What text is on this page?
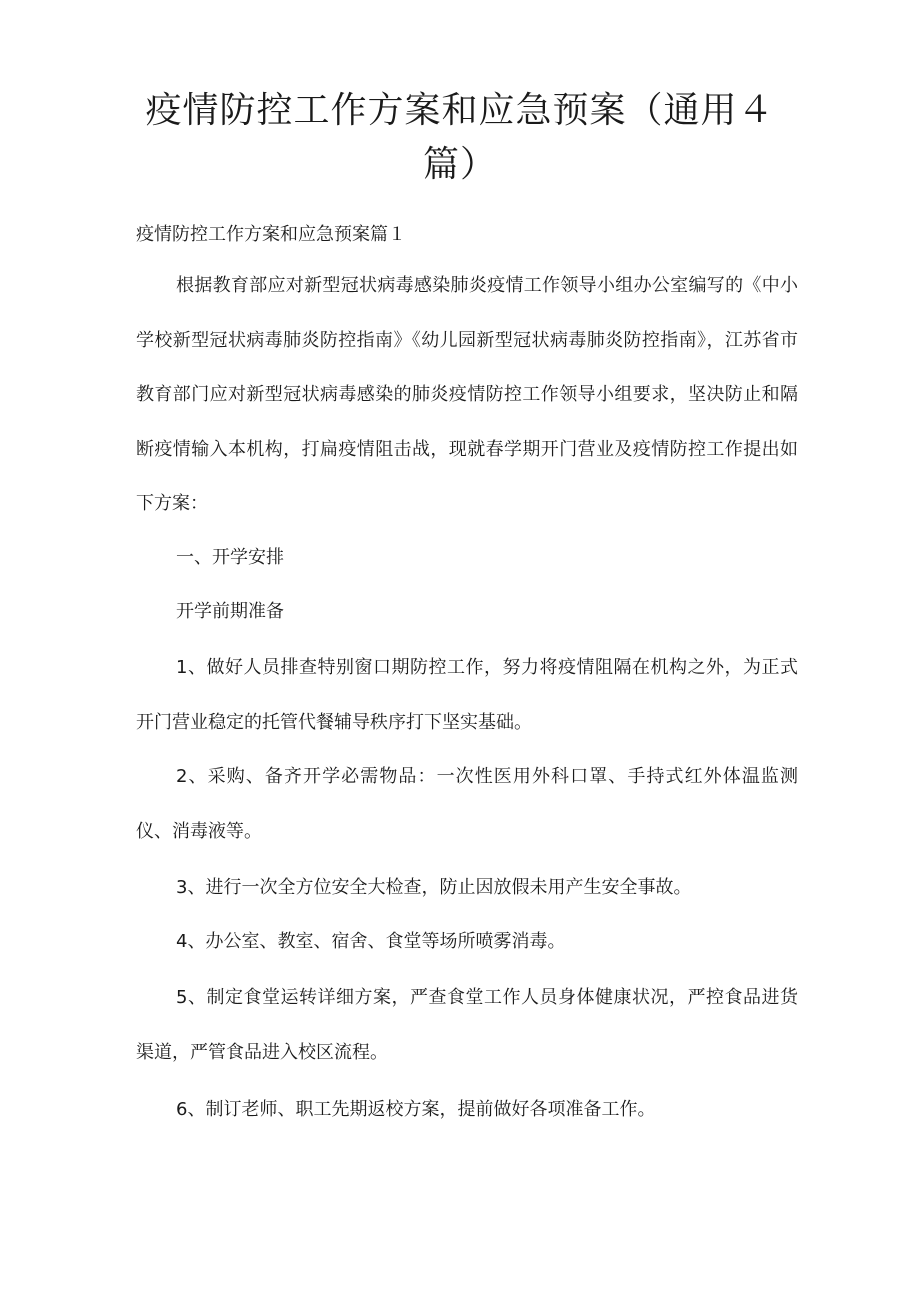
疫情防控工作方案和应急预案（通用４篇）

疫情防控工作方案和应急预案篇１

根据教育部应对新型冠状病毒感染肺炎疫情工作领导小组办公室编写的《中小学校新型冠状病毒肺炎防控指南》《幼儿园新型冠状病毒肺炎防控指南》，江苏省市教育部门应对新型冠状病毒感染的肺炎疫情防控工作领导小组要求，坚决防止和隔断疫情输入本机构，打扁疫情阻击战，现就春学期开门营业及疫情防控工作提出如下方案：

一、开学安排

开学前期准备

1、做好人员排查特别窗口期防控工作，努力将疫情阻隔在机构之外，为正式开门营业稳定的托管代餐辅导秩序打下坚实基础。

2、采购、备齐开学必需物品：一次性医用外科口罩、手持式红外体温监测仪、消毒液等。

3、进行一次全方位安全大检查，防止因放假未用产生安全事故。

4、办公室、教室、宿舍、食堂等场所喷雾消毒。

5、制定食堂运转详细方案，严查食堂工作人员身体健康状况，严控食品进货渠道，严管食品进入校区流程。

6、制订老师、职工先期返校方案，提前做好各项准备工作。
